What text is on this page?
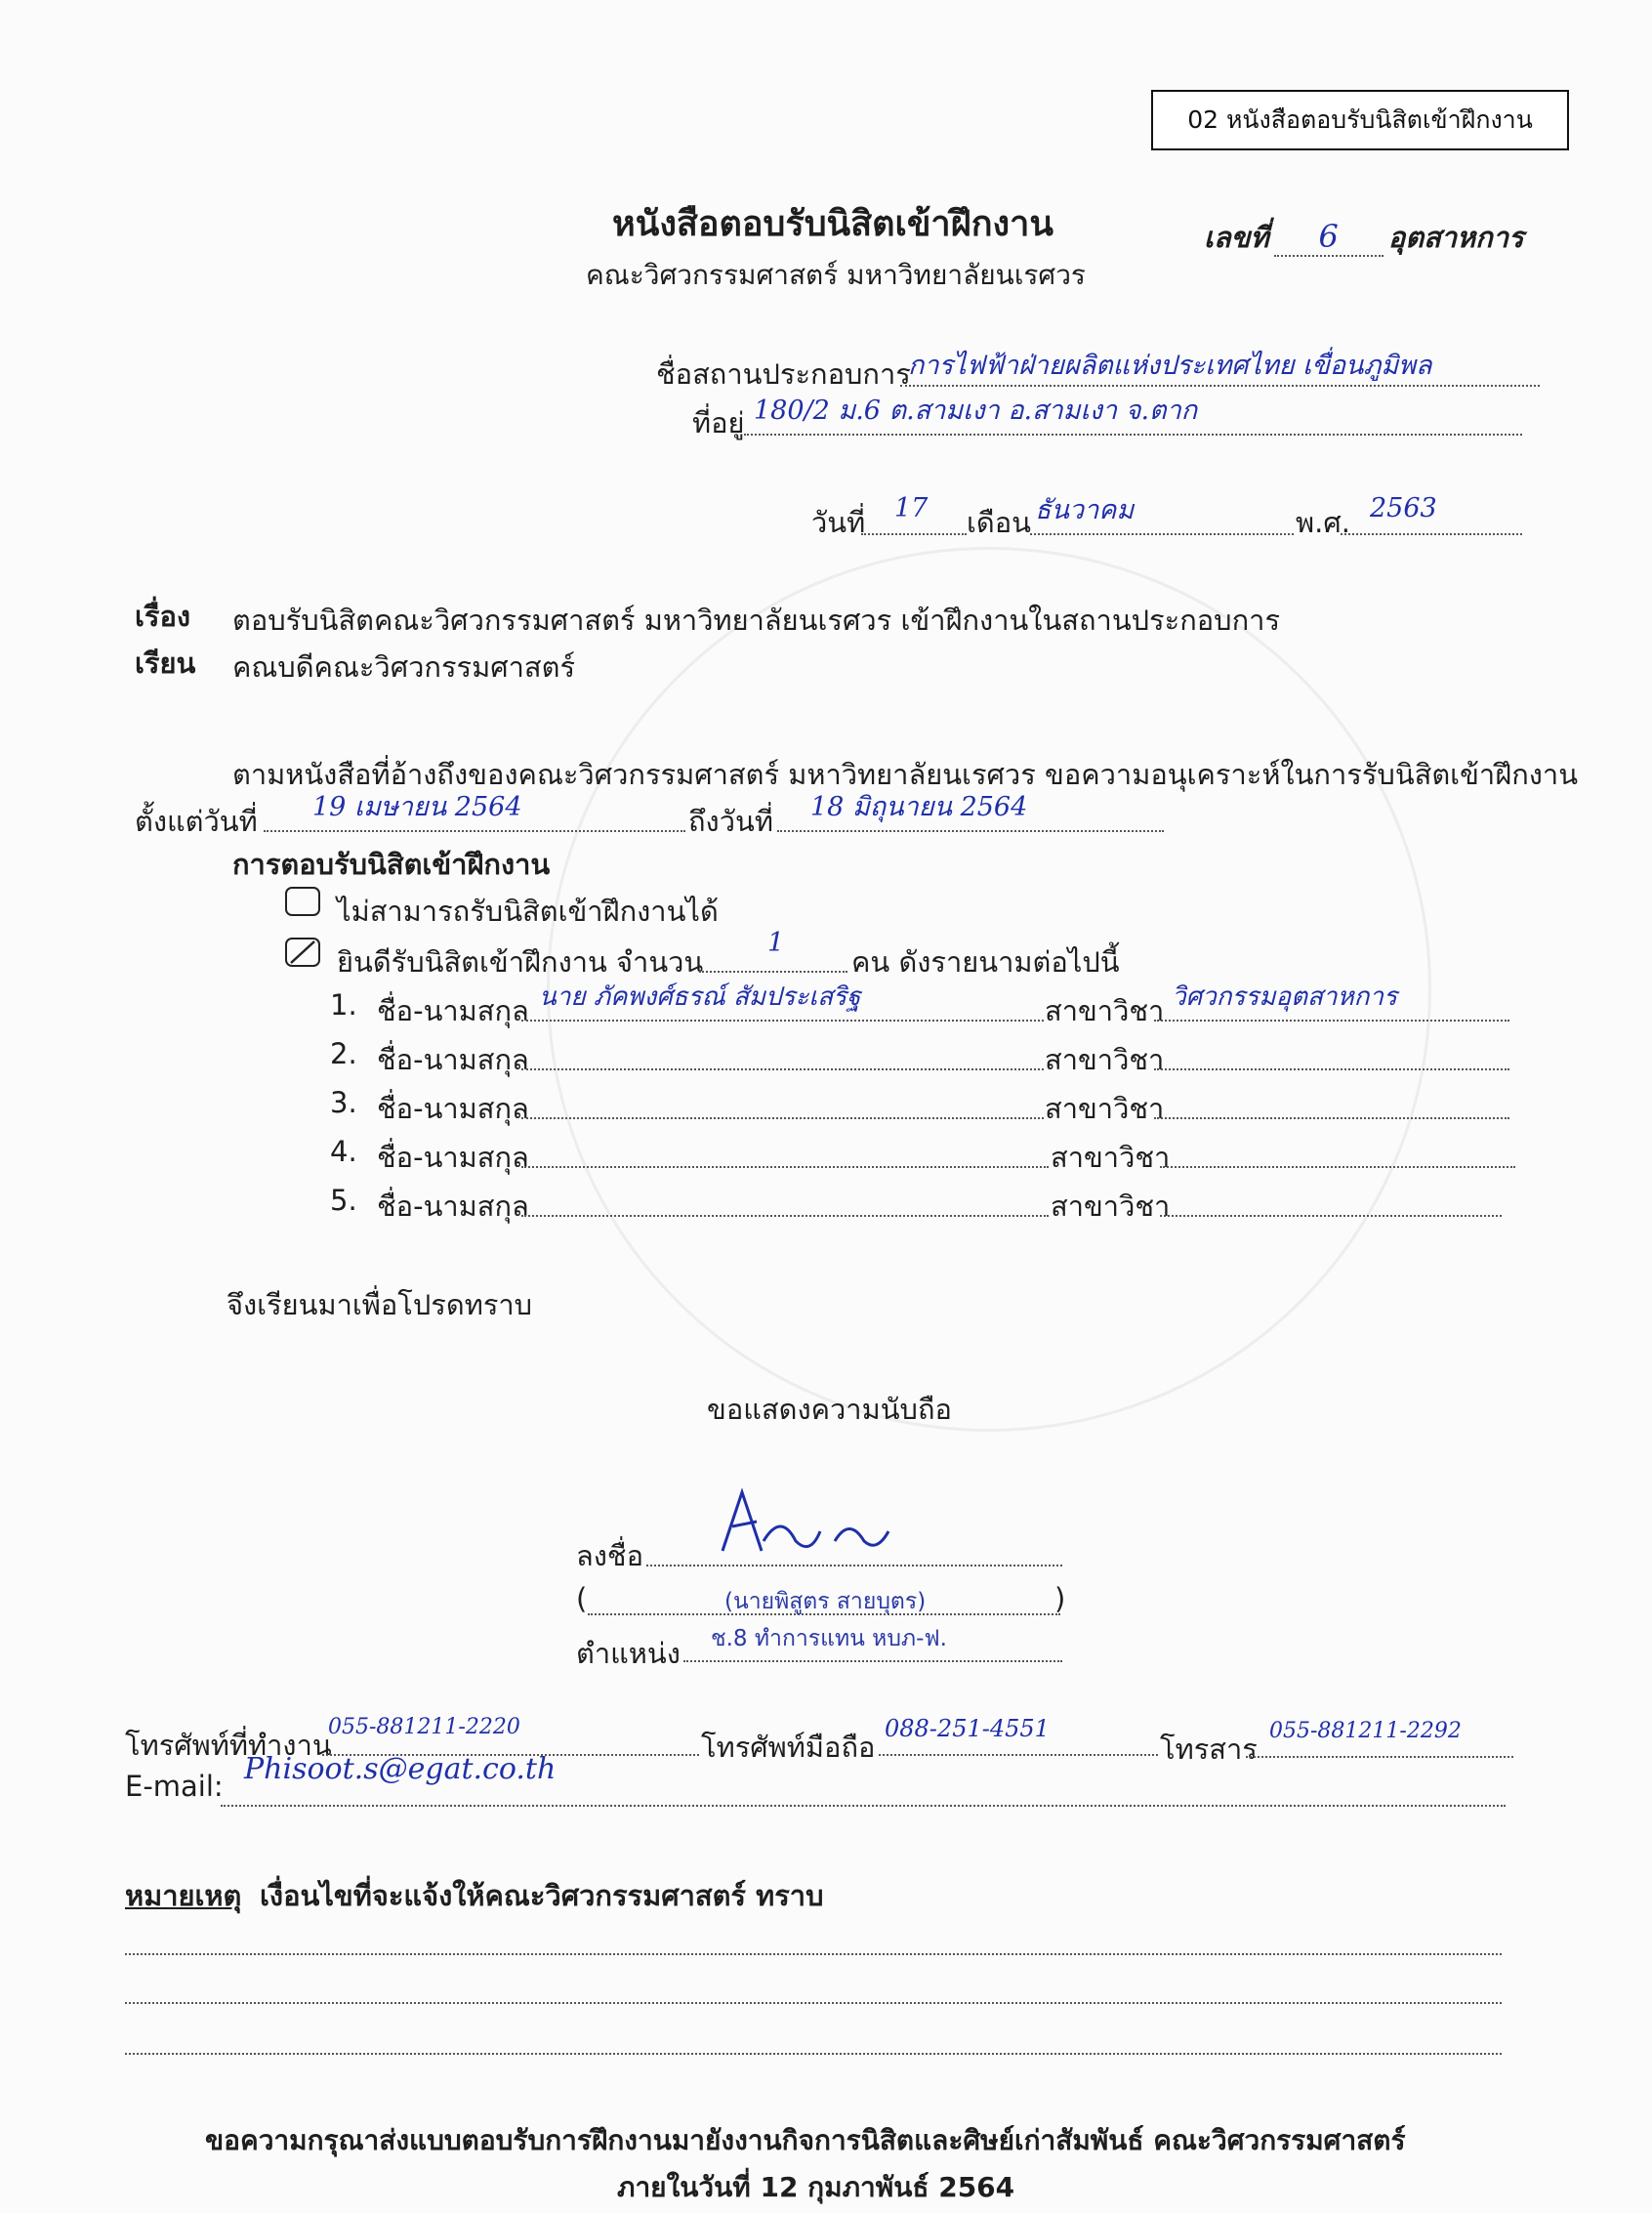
02 หนังสือตอบรับนิสิตเข้าฝึกงาน
หนังสือตอบรับนิสิตเข้าฝึกงาน
คณะวิศวกรรมศาสตร์ มหาวิทยาลัยนเรศวร
เลขที่ 6 อุตสาหการ
ชื่อสถานประกอบการ
การไฟฟ้าฝ่ายผลิตแห่งประเทศไทย เขื่อนภูมิพล
ที่อยู่ 180/2 ม.6 ต.สามเงา อ.สามเงา จ.ตาก
วันที่ 17 เดือน ธันวาคม	พ.ศ. 2563
เรื่อง ตอบรับนิสิตคณะวิศวกรรมศาสตร์ มหาวิทยาลัยนเรศวร เข้าฝึกงานในสถานประกอบการ
เรียน คณบดีคณะวิศวกรรมศาสตร์
ตามหนังสือที่อ้างถึงของคณะวิศวกรรมศาสตร์ มหาวิทยาลัยนเรศวร ขอความอนุเคราะห์ในการรับนิสิตเข้าฝึกงาน
ตั้งแต่วันที่ 19 เมษายน 2564	ถึงวันที่ 18 มิถุนายน 2564
การตอบรับนิสิตเข้าฝึกงาน
ไม่สามารถรับนิสิตเข้าฝึกงานได้
ยินดีรับนิสิตเข้าฝึกงาน จำนวน
1
คน ดังรายนามต่อไปนี้
1. ชื่อ-นามสกุล นาย ภัคพงศ์ธรณ์ สัมประเสริฐ	สาขาวิชา วิศวกรรมอุตสาหการ
2. ชื่อ-นามสกุล	สาขาวิชา
3. ชื่อ-นามสกุล	สาขาวิชา
4. ชื่อ-นามสกุล	สาขาวิชา
5. ชื่อ-นามสกุล	สาขาวิชา
จึงเรียนมาเพื่อโปรดทราบ
ขอแสดงความนับถือ
ลงชื่อ
(	(นายพิสูตร สายบุตร)	)
ตำแหน่ง ช.8 ทำการแทน หบภ-ฟ.
โทรศัพท์ที่ทำงาน
055-881211-2220
โทรศัพท์มือถือ
088-251-4551
โทรสาร
055-881211-2292
E-mail: Phisoot.s@egat.co.th
หมายเหตุ เงื่อนไขที่จะแจ้งให้คณะวิศวกรรมศาสตร์ ทราบ
ขอความกรุณาส่งแบบตอบรับการฝึกงานมายังงานกิจการนิสิตและศิษย์เก่าสัมพันธ์ คณะวิศวกรรมศาสตร์
ภายในวันที่ 12 กุมภาพันธ์ 2564
